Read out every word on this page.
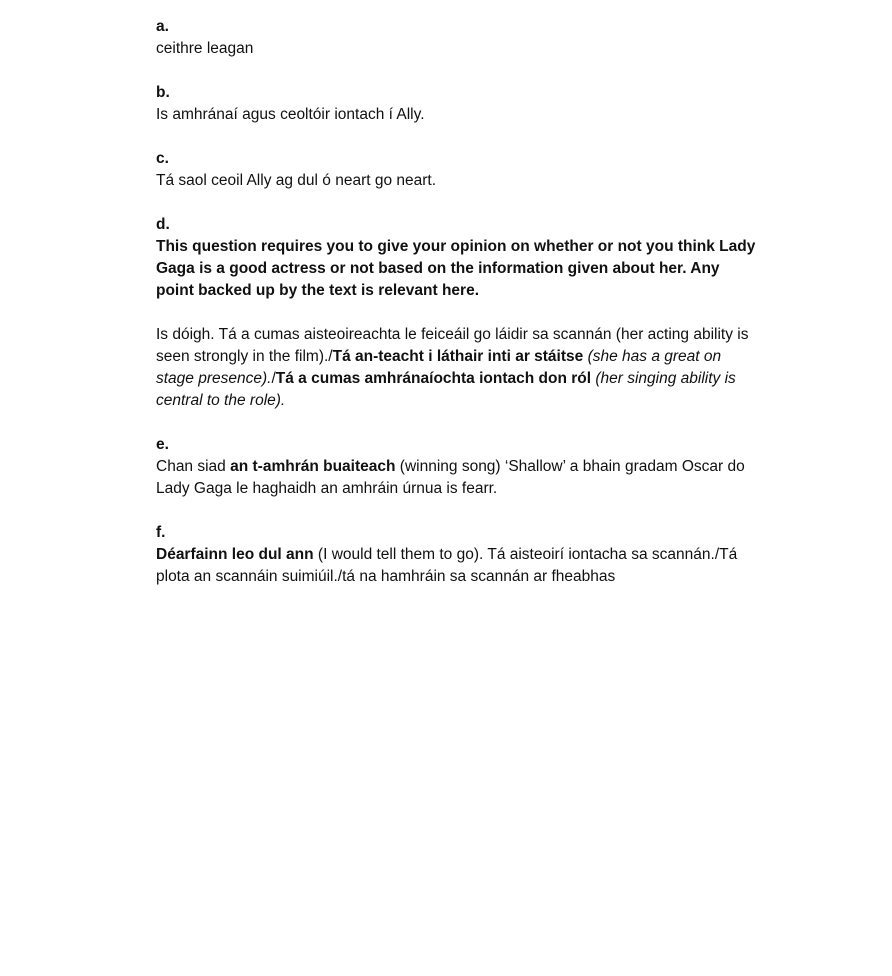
a.
ceithre leagan
b.
Is amhránaí agus ceoltóir iontach í Ally.
c.
Tá saol ceoil Ally ag dul ó neart go neart.
d.
This question requires you to give your opinion on whether or not you think Lady Gaga is a good actress or not based on the information given about her. Any point backed up by the text is relevant here.
Is dóigh. Tá a cumas aisteoireachta le feiceáil go láidir sa scannán (her acting ability is seen strongly in the film)./Tá an-teacht i láthair inti ar stáitse (she has a great on stage presence)./Tá a cumas amhránaíochta iontach don ról (her singing ability is central to the role).
e.
Chan siad an t-amhrán buaiteach (winning song) ‘Shallow’ a bhain gradam Oscar do Lady Gaga le haghaidh an amhráin úrnua is fearr.
f.
Déarfainn leo dul ann (I would tell them to go). Tá aisteoirí iontacha sa scannán./Tá plota an scannáin suimiúil./tá na hamhráin sa scannán ar fheabhas
